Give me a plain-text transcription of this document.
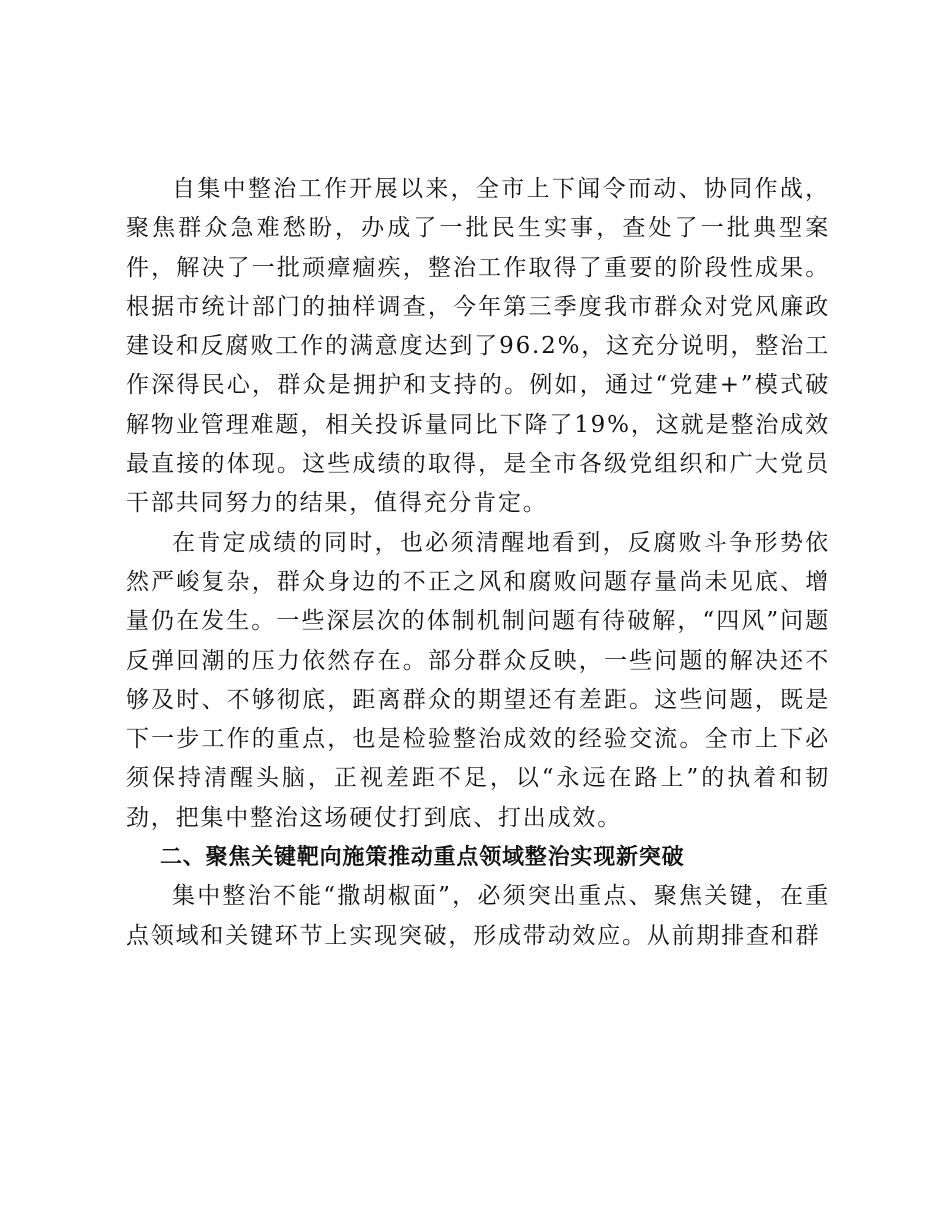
自集中整治工作开展以来，全市上下闻令而动、协同作战，聚焦群众急难愁盼，办成了一批民生实事，查处了一批典型案件，解决了一批顽瘴痼疾，整治工作取得了重要的阶段性成果。根据市统计部门的抽样调查，今年第三季度我市群众对党风廉政建设和反腐败工作的满意度达到了96.2%，这充分说明，整治工作深得民心，群众是拥护和支持的。例如，通过“党建+”模式破解物业管理难题，相关投诉量同比下降了19%，这就是整治成效最直接的体现。这些成绩的取得，是全市各级党组织和广大党员干部共同努力的结果，值得充分肯定。

在肯定成绩的同时，也必须清醒地看到，反腐败斗争形势依然严峻复杂，群众身边的不正之风和腐败问题存量尚未见底、增量仍在发生。一些深层次的体制机制问题有待破解，“四风”问题反弹回潮的压力依然存在。部分群众反映，一些问题的解决还不够及时、不够彻底，距离群众的期望还有差距。这些问题，既是下一步工作的重点，也是检验整治成效的经验交流。全市上下必须保持清醒头脑，正视差距不足，以“永远在路上”的执着和韧劲，把集中整治这场硬仗打到底、打出成效。

二、聚焦关键靶向施策推动重点领域整治实现新突破

集中整治不能“撒胡椒面”，必须突出重点、聚焦关键，在重点领域和关键环节上实现突破，形成带动效应。从前期排查和群
